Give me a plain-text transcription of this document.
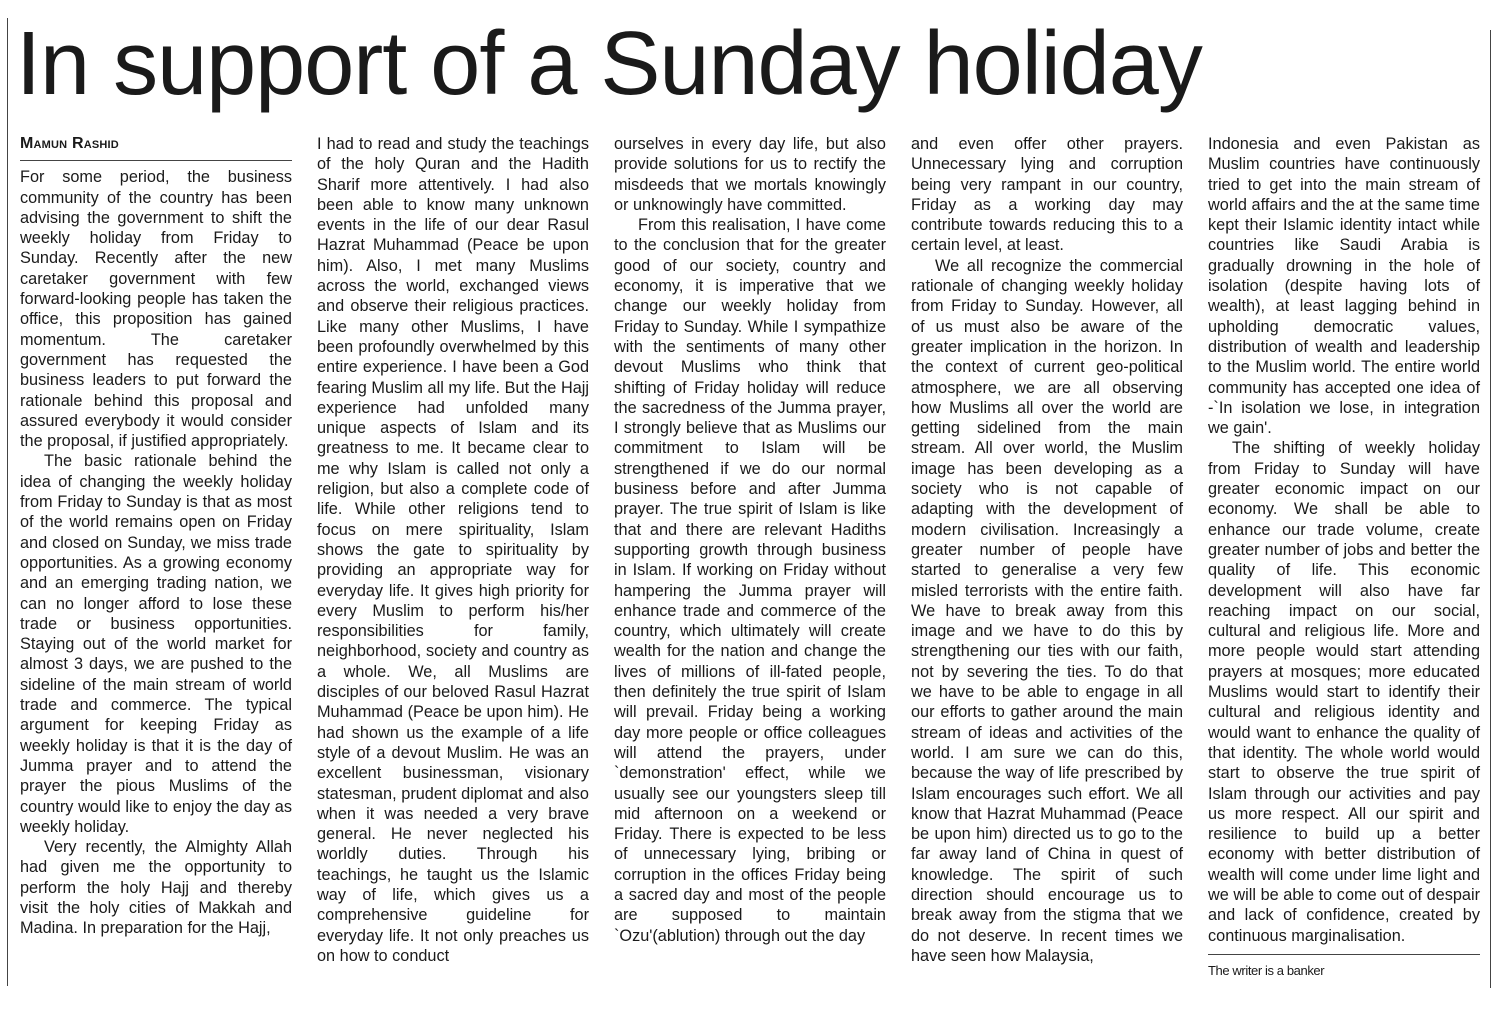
In support of a Sunday holiday
Mamun Rashid

For some period, the business community of the country has been advising the government to shift the weekly holiday from Friday to Sunday. Recently after the new caretaker government with few forward-looking people has taken the office, this proposition has gained momentum. The caretaker government has requested the business leaders to put forward the rationale behind this proposal and assured everybody it would consider the proposal, if justified appropriately.

The basic rationale behind the idea of changing the weekly holiday from Friday to Sunday is that as most of the world remains open on Friday and closed on Sunday, we miss trade opportunities. As a growing economy and an emerging trading nation, we can no longer afford to lose these trade or business opportunities. Staying out of the world market for almost 3 days, we are pushed to the sideline of the main stream of world trade and commerce. The typical argument for keeping Friday as weekly holiday is that it is the day of Jumma prayer and to attend the prayer the pious Muslims of the country would like to enjoy the day as weekly holiday.

Very recently, the Almighty Allah had given me the opportunity to perform the holy Hajj and thereby visit the holy cities of Makkah and Madina. In preparation for the Hajj,

I had to read and study the teachings of the holy Quran and the Hadith Sharif more attentively. I had also been able to know many unknown events in the life of our dear Rasul Hazrat Muhammad (Peace be upon him). Also, I met many Muslims across the world, exchanged views and observe their religious practices. Like many other Muslims, I have been profoundly overwhelmed by this entire experience. I have been a God fearing Muslim all my life. But the Hajj experience had unfolded many unique aspects of Islam and its greatness to me. It became clear to me why Islam is called not only a religion, but also a complete code of life. While other religions tend to focus on mere spirituality, Islam shows the gate to spirituality by providing an appropriate way for everyday life. It gives high priority for every Muslim to perform his/her responsibilities for family, neighborhood, society and country as a whole. We, all Muslims are disciples of our beloved Rasul Hazrat Muhammad (Peace be upon him). He had shown us the example of a life style of a devout Muslim. He was an excellent businessman, visionary statesman, prudent diplomat and also when it was needed a very brave general. He never neglected his worldly duties. Through his teachings, he taught us the Islamic way of life, which gives us a comprehensive guideline for everyday life. It not only preaches us on how to conduct

ourselves in every day life, but also provide solutions for us to rectify the misdeeds that we mortals knowingly or unknowingly have committed.

From this realisation, I have come to the conclusion that for the greater good of our society, country and economy, it is imperative that we change our weekly holiday from Friday to Sunday. While I sympathize with the sentiments of many other devout Muslims who think that shifting of Friday holiday will reduce the sacredness of the Jumma prayer, I strongly believe that as Muslims our commitment to Islam will be strengthened if we do our normal business before and after Jumma prayer. The true spirit of Islam is like that and there are relevant Hadiths supporting growth through business in Islam. If working on Friday without hampering the Jumma prayer will enhance trade and commerce of the country, which ultimately will create wealth for the nation and change the lives of millions of ill-fated people, then definitely the true spirit of Islam will prevail. Friday being a working day more people or office colleagues will attend the prayers, under `demonstration' effect, while we usually see our youngsters sleep till mid afternoon on a weekend or Friday. There is expected to be less of unnecessary lying, bribing or corruption in the offices Friday being a sacred day and most of the people are supposed to maintain `Ozu'(ablution) through out the day

and even offer other prayers. Unnecessary lying and corruption being very rampant in our country, Friday as a working day may contribute towards reducing this to a certain level, at least.

We all recognize the commercial rationale of changing weekly holiday from Friday to Sunday. However, all of us must also be aware of the greater implication in the horizon. In the context of current geo-political atmosphere, we are all observing how Muslims all over the world are getting sidelined from the main stream. All over world, the Muslim image has been developing as a society who is not capable of adapting with the development of modern civilisation. Increasingly a greater number of people have started to generalise a very few misled terrorists with the entire faith. We have to break away from this image and we have to do this by strengthening our ties with our faith, not by severing the ties. To do that we have to be able to engage in all our efforts to gather around the main stream of ideas and activities of the world. I am sure we can do this, because the way of life prescribed by Islam encourages such effort. We all know that Hazrat Muhammad (Peace be upon him) directed us to go to the far away land of China in quest of knowledge. The spirit of such direction should encourage us to break away from the stigma that we do not deserve. In recent times we have seen how Malaysia,

Indonesia and even Pakistan as Muslim countries have continuously tried to get into the main stream of world affairs and the at the same time kept their Islamic identity intact while countries like Saudi Arabia is gradually drowning in the hole of isolation (despite having lots of wealth), at least lagging behind in upholding democratic values, distribution of wealth and leadership to the Muslim world. The entire world community has accepted one idea of -`In isolation we lose, in integration we gain'.

The shifting of weekly holiday from Friday to Sunday will have greater economic impact on our economy. We shall be able to enhance our trade volume, create greater number of jobs and better the quality of life. This economic development will also have far reaching impact on our social, cultural and religious life. More and more people would start attending prayers at mosques; more educated Muslims would start to identify their cultural and religious identity and would want to enhance the quality of that identity. The whole world would start to observe the true spirit of Islam through our activities and pay us more respect. All our spirit and resilience to build up a better economy with better distribution of wealth will come under lime light and we will be able to come out of despair and lack of confidence, created by continuous marginalisation.

The writer is a banker
